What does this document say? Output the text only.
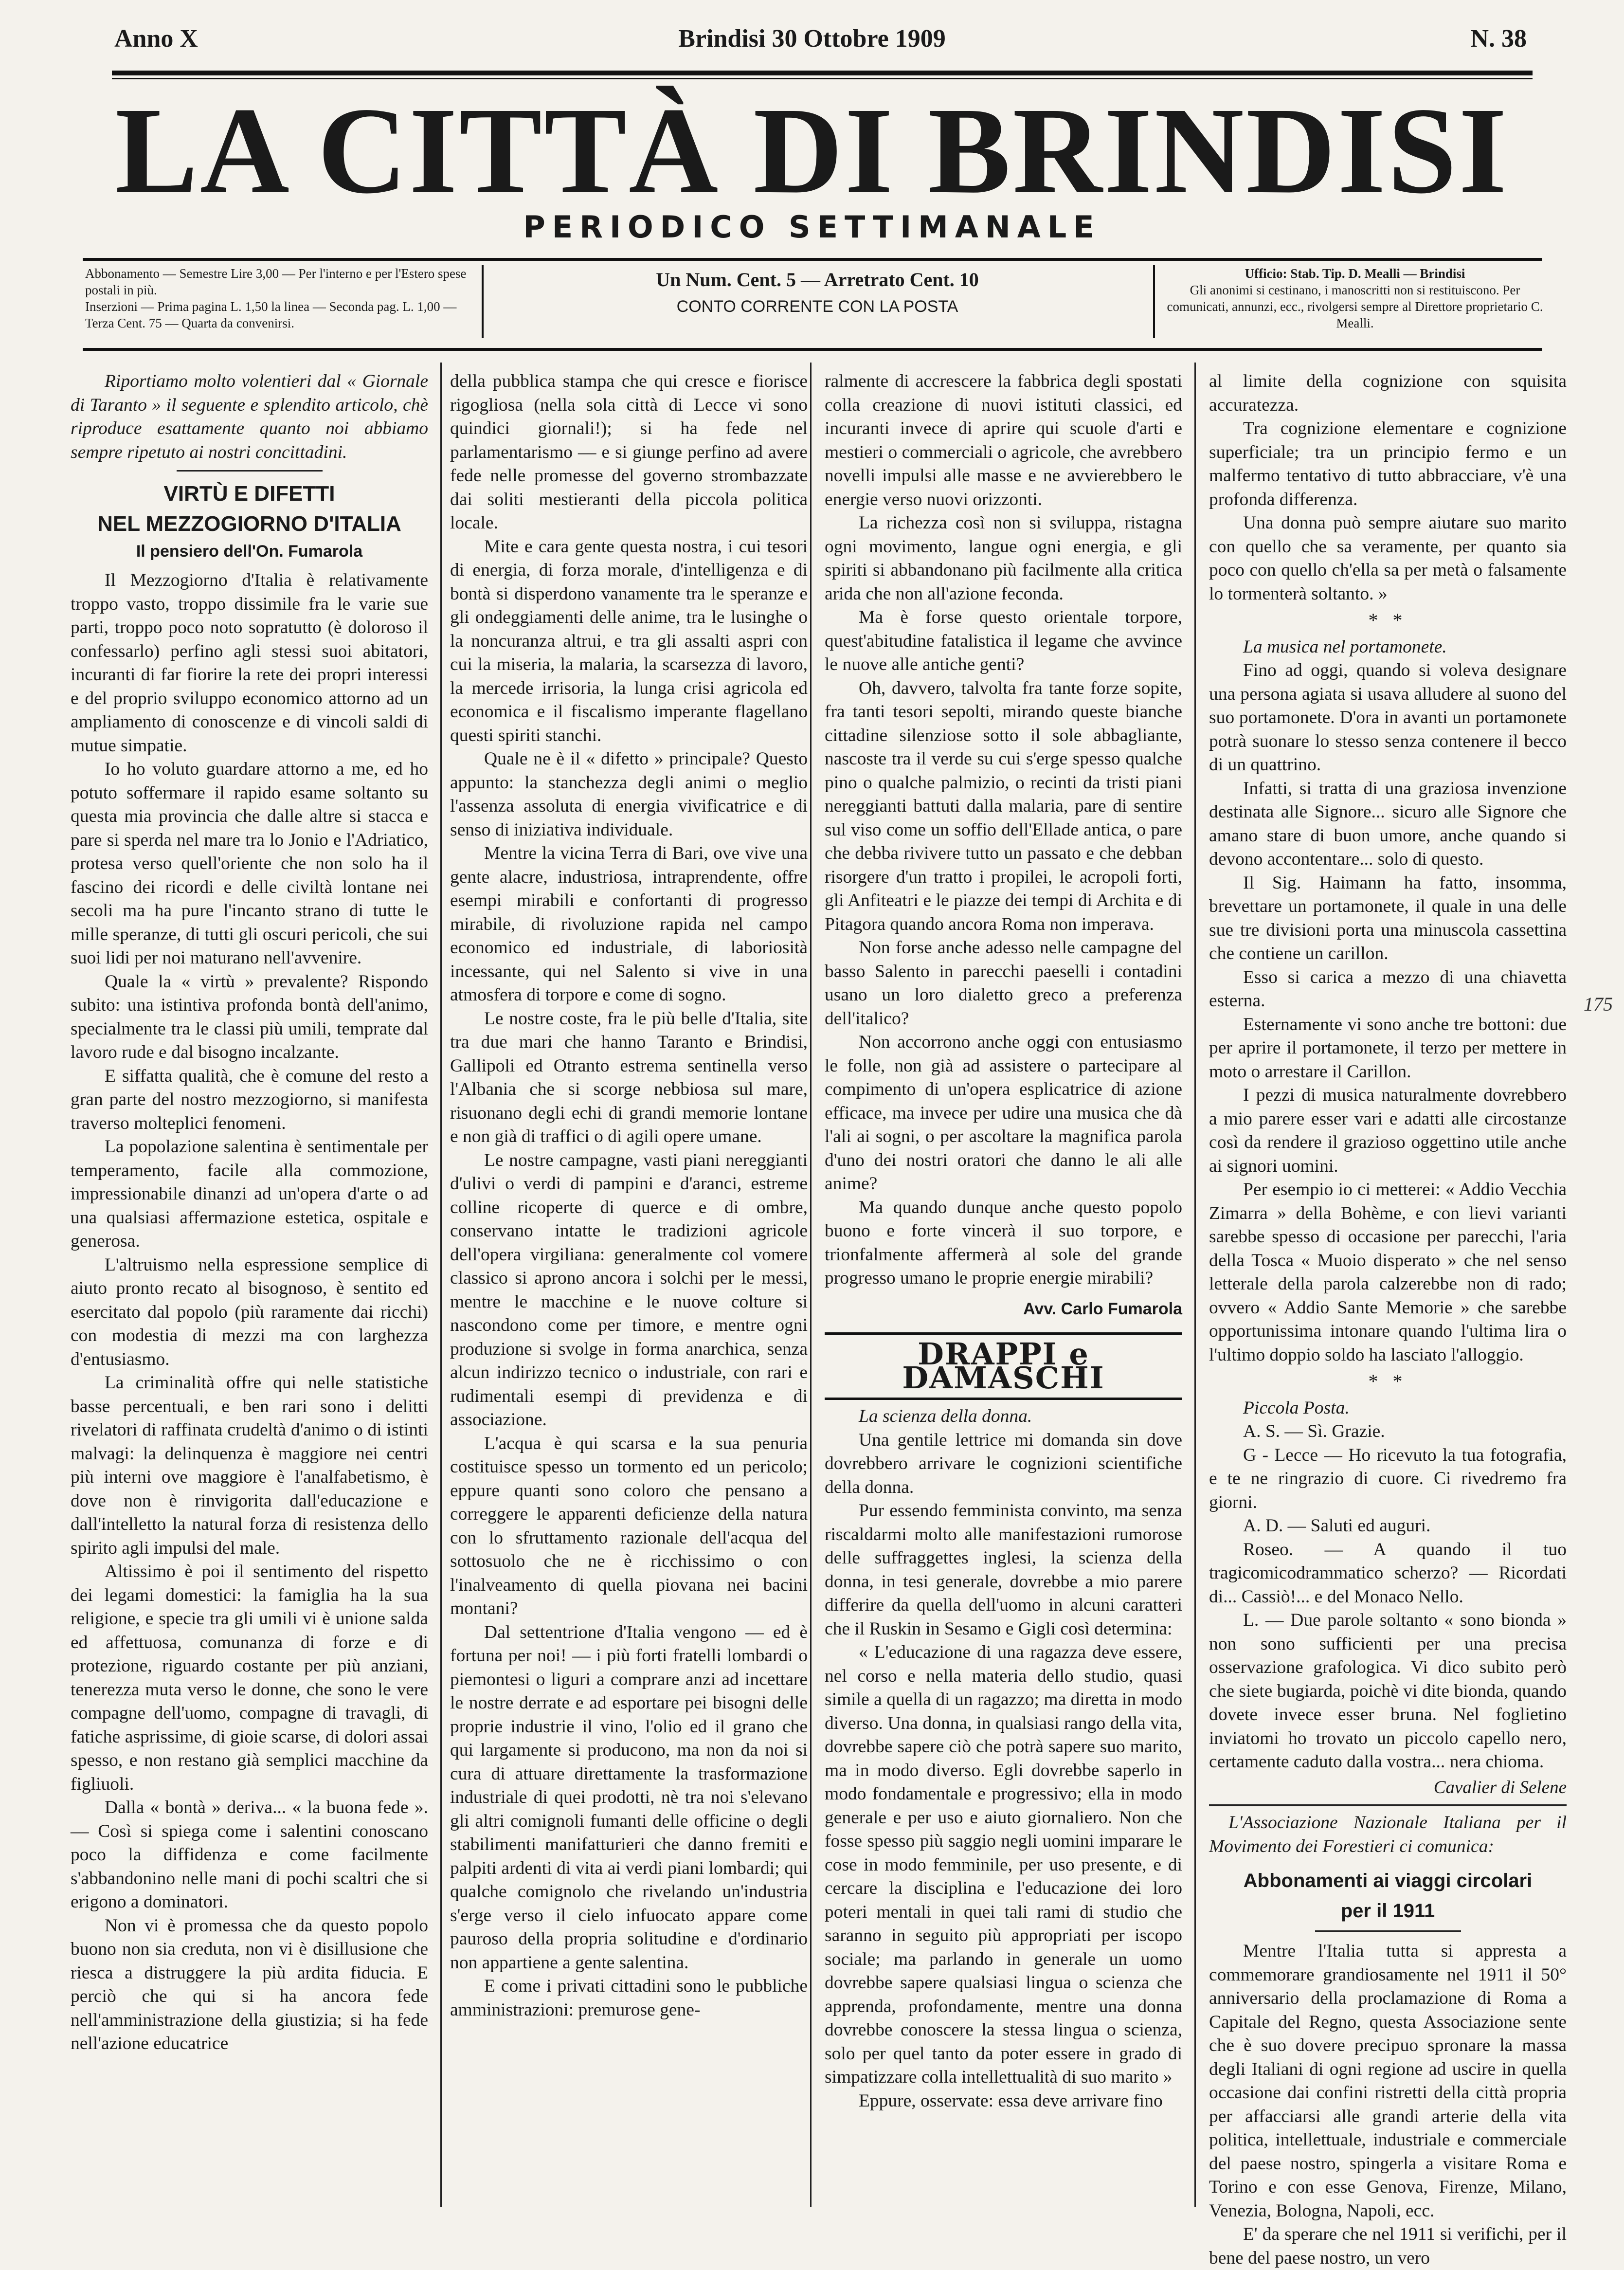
Anno X	Brindisi 30 Ottobre 1909	N. 38
LA CITTÀ DI BRINDISI
PERIODICO SETTIMANALE
Abbonamento — Semestre Lire 3,00 — Per l'interno e per l'Estero spese postali in più.
Inserzioni — Prima pagina L. 1,50 la linea — Seconda pag. L. 1,00 — Terza Cent. 75 — Quarta da convenirsi.
Un Num. Cent. 5 — Arretrato Cent. 10
CONTO CORRENTE CON LA POSTA
Ufficio: Stab. Tip. D. Mealli — Brindisi
Gli anonimi si cestinano, i manoscritti non si restituiscono. Per comunicati, annunzi, ecc., rivolgersi sempre al Direttore proprietario C. Mealli.

Riportiamo molto volentieri dal « Giornale di Taranto » il seguente e splendito articolo, chè riproduce esattamente quanto noi abbiamo sempre ripetuto ai nostri concittadini.

VIRTÙ E DIFETTI
NEL MEZZOGIORNO D'ITALIA
Il pensiero dell'On. Fumarola

Il Mezzogiorno d'Italia è relativamente troppo vasto, troppo dissimile fra le varie sue parti, troppo poco noto sopratutto (è doloroso il confessarlo) perfino agli stessi suoi abitatori, incuranti di far fiorire la rete dei propri interessi e del proprio sviluppo economico attorno ad un ampliamento di conoscenze e di vincoli saldi di mutue simpatie.

Io ho voluto guardare attorno a me, ed ho potuto soffermare il rapido esame soltanto su questa mia provincia che dalle altre si stacca e pare si sperda nel mare tra lo Jonio e l'Adriatico, protesa verso quell'oriente che non solo ha il fascino dei ricordi e delle civiltà lontane nei secoli ma ha pure l'incanto strano di tutte le mille speranze, di tutti gli oscuri pericoli, che sui suoi lidi per noi maturano nell'avvenire.

Quale la « virtù » prevalente? Rispondo subito: una istintiva profonda bontà dell'animo, specialmente tra le classi più umili, temprate dal lavoro rude e dal bisogno incalzante.

E siffatta qualità, che è comune del resto a gran parte del nostro mezzogiorno, si manifesta traverso molteplici fenomeni.

La popolazione salentina è sentimentale per temperamento, facile alla commozione, impressionabile dinanzi ad un'opera d'arte o ad una qualsiasi affermazione estetica, ospitale e generosa.

L'altruismo nella espressione semplice di aiuto pronto recato al bisognoso, è sentito ed esercitato dal popolo (più raramente dai ricchi) con modestia di mezzi ma con larghezza d'entusiasmo.

La criminalità offre qui nelle statistiche basse percentuali, e ben rari sono i delitti rivelatori di raffinata crudeltà d'animo o di istinti malvagi: la delinquenza è maggiore nei centri più interni ove maggiore è l'analfabetismo, è dove non è rinvigorita dall'educazione e dall'intelletto la natural forza di resistenza dello spirito agli impulsi del male.

Altissimo è poi il sentimento del rispetto dei legami domestici: la famiglia ha la sua religione, e specie tra gli umili vi è unione salda ed affettuosa, comunanza di forze e di protezione, riguardo costante per più anziani, tenerezza muta verso le donne, che sono le vere compagne dell'uomo, compagne di travagli, di fatiche asprissime, di gioie scarse, di dolori assai spesso, e non restano già semplici macchine da figliuoli.

Dalla « bontà » deriva... « la buona fede ». — Così si spiega come i salentini conoscano poco la diffidenza e come facilmente s'abbandonino nelle mani di pochi scaltri che si erigono a dominatori.

Non vi è promessa che da questo popolo buono non sia creduta, non vi è disillusione che riesca a distruggere la più ardita fiducia. E perciò che qui si ha ancora fede nell'amministrazione della giustizia; si ha fede nell'azione educatrice

della pubblica stampa che qui cresce e fiorisce rigogliosa (nella sola città di Lecce vi sono quindici giornali!); si ha fede nel parlamentarismo — e si giunge perfino ad avere fede nelle promesse del governo strombazzate dai soliti mestieranti della piccola politica locale.

Mite e cara gente questa nostra, i cui tesori di energia, di forza morale, d'intelligenza e di bontà si disperdono vanamente tra le speranze e gli ondeggiamenti delle anime, tra le lusinghe o la noncuranza altrui, e tra gli assalti aspri con cui la miseria, la malaria, la scarsezza di lavoro, la mercede irrisoria, la lunga crisi agricola ed economica e il fiscalismo imperante flagellano questi spiriti stanchi.

Quale ne è il « difetto » principale? Questo appunto: la stanchezza degli animi o meglio l'assenza assoluta di energia vivificatrice e di senso di iniziativa individuale.

Mentre la vicina Terra di Bari, ove vive una gente alacre, industriosa, intraprendente, offre esempi mirabili e confortanti di progresso mirabile, di rivoluzione rapida nel campo economico ed industriale, di laboriosità incessante, qui nel Salento si vive in una atmosfera di torpore e come di sogno.

Le nostre coste, fra le più belle d'Italia, site tra due mari che hanno Taranto e Brindisi, Gallipoli ed Otranto estrema sentinella verso l'Albania che si scorge nebbiosa sul mare, risuonano degli echi di grandi memorie lontane e non già di traffici o di agili opere umane.

Le nostre campagne, vasti piani nereggianti d'ulivi o verdi di pampini e d'aranci, estreme colline ricoperte di querce e di ombre, conservano intatte le tradizioni agricole dell'opera virgiliana: generalmente col vomere classico si aprono ancora i solchi per le messi, mentre le macchine e le nuove colture si nascondono come per timore, e mentre ogni produzione si svolge in forma anarchica, senza alcun indirizzo tecnico o industriale, con rari e rudimentali esempi di previdenza e di associazione.

L'acqua è qui scarsa e la sua penuria costituisce spesso un tormento ed un pericolo; eppure quanti sono coloro che pensano a correggere le apparenti deficienze della natura con lo sfruttamento razionale dell'acqua del sottosuolo che ne è ricchissimo o con l'inalveamento di quella piovana nei bacini montani?

Dal settentrione d'Italia vengono — ed è fortuna per noi! — i più forti fratelli lombardi o piemontesi o liguri a comprare anzi ad incettare le nostre derrate e ad esportare pei bisogni delle proprie industrie il vino, l'olio ed il grano che qui largamente si producono, ma non da noi si cura di attuare direttamente la trasformazione industriale di quei prodotti, nè tra noi s'elevano gli altri comignoli fumanti delle officine o degli stabilimenti manifatturieri che danno fremiti e palpiti ardenti di vita ai verdi piani lombardi; qui qualche comignolo che rivelando un'industria s'erge verso il cielo infuocato appare come pauroso della propria solitudine e d'ordinario non appartiene a gente salentina.

E come i privati cittadini sono le pubbliche amministrazioni: premurose gene-

ralmente di accrescere la fabbrica degli spostati colla creazione di nuovi istituti classici, ed incuranti invece di aprire qui scuole d'arti e mestieri o commerciali o agricole, che avrebbero novelli impulsi alle masse e ne avvierebbero le energie verso nuovi orizzonti.

La richezza così non si sviluppa, ristagna ogni movimento, langue ogni energia, e gli spiriti si abbandonano più facilmente alla critica arida che non all'azione feconda.

Ma è forse questo orientale torpore, quest'abitudine fatalistica il legame che avvince le nuove alle antiche genti?

Oh, davvero, talvolta fra tante forze sopite, fra tanti tesori sepolti, mirando queste bianche cittadine silenziose sotto il sole abbagliante, nascoste tra il verde su cui s'erge spesso qualche pino o qualche palmizio, o recinti da tristi piani nereggianti battuti dalla malaria, pare di sentire sul viso come un soffio dell'Ellade antica, o pare che debba rivivere tutto un passato e che debban risorgere d'un tratto i propilei, le acropoli forti, gli Anfiteatri e le piazze dei tempi di Archita e di Pitagora quando ancora Roma non imperava.

Non forse anche adesso nelle campagne del basso Salento in parecchi paeselli i contadini usano un loro dialetto greco a preferenza dell'italico?

Non accorrono anche oggi con entusiasmo le folle, non già ad assistere o partecipare al compimento di un'opera esplicatrice di azione efficace, ma invece per udire una musica che dà l'ali ai sogni, o per ascoltare la magnifica parola d'uno dei nostri oratori che danno le ali alle anime?

Ma quando dunque anche questo popolo buono e forte vincerà il suo torpore, e trionfalmente affermerà al sole del grande progresso umano le proprie energie mirabili?

Avv. Carlo Fumarola
DRAPPI e DAMASCHI

La scienza della donna.

Una gentile lettrice mi domanda sin dove dovrebbero arrivare le cognizioni scientifiche della donna.

Pur essendo femminista convinto, ma senza riscaldarmi molto alle manifestazioni rumorose delle suffraggettes inglesi, la scienza della donna, in tesi generale, dovrebbe a mio parere differire da quella dell'uomo in alcuni caratteri che il Ruskin in Sesamo e Gigli così determina:

« L'educazione di una ragazza deve essere, nel corso e nella materia dello studio, quasi simile a quella di un ragazzo; ma diretta in modo diverso. Una donna, in qualsiasi rango della vita, dovrebbe sapere ciò che potrà sapere suo marito, ma in modo diverso. Egli dovrebbe saperlo in modo fondamentale e progressivo; ella in modo generale e per uso e aiuto giornaliero. Non che fosse spesso più saggio negli uomini imparare le cose in modo femminile, per uso presente, e di cercare la disciplina e l'educazione dei loro poteri mentali in quei tali rami di studio che saranno in seguito più appropriati per iscopo sociale; ma parlando in generale un uomo dovrebbe sapere qualsiasi lingua o scienza che apprenda, profondamente, mentre una donna dovrebbe conoscere la stessa lingua o scienza, solo per quel tanto da poter essere in grado di simpatizzare colla intellettualità di suo marito »

Eppure, osservate: essa deve arrivare fino

al limite della cognizione con squisita accuratezza.

Tra cognizione elementare e cognizione superficiale; tra un principio fermo e un malfermo tentativo di tutto abbracciare, v'è una profonda differenza.

Una donna può sempre aiutare suo marito con quello che sa veramente, per quanto sia poco con quello ch'ella sa per metà o falsamente lo tormenterà soltanto. »

* *

La musica nel portamonete.

Fino ad oggi, quando si voleva designare una persona agiata si usava alludere al suono del suo portamonete. D'ora in avanti un portamonete potrà suonare lo stesso senza contenere il becco di un quattrino.

Infatti, si tratta di una graziosa invenzione destinata alle Signore... sicuro alle Signore che amano stare di buon umore, anche quando si devono accontentare... solo di questo.

Il Sig. Haimann ha fatto, insomma, brevettare un portamonete, il quale in una delle sue tre divisioni porta una minuscola cassettina che contiene un carillon.

Esso si carica a mezzo di una chiavetta esterna.

Esternamente vi sono anche tre bottoni: due per aprire il portamonete, il terzo per mettere in moto o arrestare il Carillon.

I pezzi di musica naturalmente dovrebbero a mio parere esser vari e adatti alle circostanze così da rendere il grazioso oggettino utile anche ai signori uomini.

Per esempio io ci metterei: « Addio Vecchia Zimarra » della Bohème, e con lievi varianti sarebbe spesso di occasione per parecchi, l'aria della Tosca « Muoio disperato » che nel senso letterale della parola calzerebbe non di rado; ovvero « Addio Sante Memorie » che sarebbe opportunissima intonare quando l'ultima lira o l'ultimo doppio soldo ha lasciato l'alloggio.

* *

Piccola Posta.

A. S. — Sì. Grazie.

G - Lecce — Ho ricevuto la tua fotografia, e te ne ringrazio di cuore. Ci rivedremo fra giorni.

A. D. — Saluti ed auguri.

Roseo. — A quando il tuo tragicomicodrammatico scherzo? — Ricordati di... Cassiò!... e del Monaco Nello.

L. — Due parole soltanto « sono bionda » non sono sufficienti per una precisa osservazione grafologica. Vi dico subito però che siete bugiarda, poichè vi dite bionda, quando dovete invece esser bruna. Nel foglietino inviatomi ho trovato un piccolo capello nero, certamente caduto dalla vostra... nera chioma.

Cavalier di Selene

L'Associazione Nazionale Italiana per il Movimento dei Forestieri ci comunica:

Abbonamenti ai viaggi circolari
per il 1911

Mentre l'Italia tutta si appresta a commemorare grandiosamente nel 1911 il 50° anniversario della proclamazione di Roma a Capitale del Regno, questa Associazione sente che è suo dovere precipuo spronare la massa degli Italiani di ogni regione ad uscire in quella occasione dai confini ristretti della città propria per affacciarsi alle grandi arterie della vita politica, intellettuale, industriale e commerciale del paese nostro, spingerla a visitare Roma e Torino e con esse Genova, Firenze, Milano, Venezia, Bologna, Napoli, ecc.

E' da sperare che nel 1911 si verifichi, per il bene del paese nostro, un vero

175
